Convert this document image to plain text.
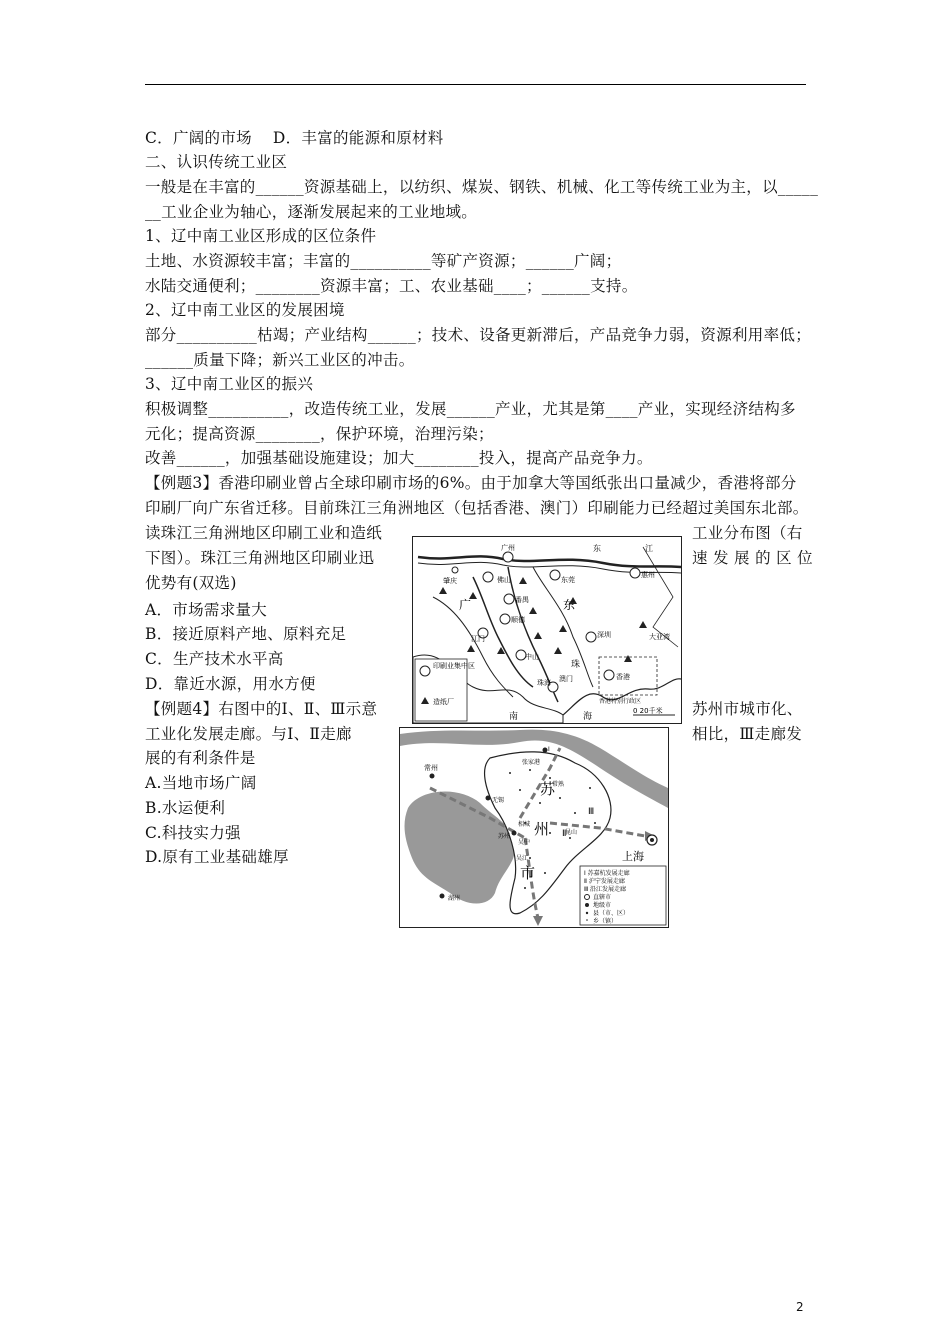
C．广阔的市场    D．丰富的能源和原材料
二、认识传统工业区
一般是在丰富的______资源基础上，以纺织、煤炭、钢铁、机械、化工等传统工业为主，以_____
__工业企业为轴心，逐渐发展起来的工业地域。
1、辽中南工业区形成的区位条件
土地、水资源较丰富；丰富的__________等矿产资源；______广阔；
水陆交通便利；________资源丰富；工、农业基础____；______支持。
2、辽中南工业区的发展困境
部分__________枯竭；产业结构______；技术、设备更新滞后，产品竞争力弱，资源利用率低；
______质量下降；新兴工业区的冲击。
3、辽中南工业区的振兴
积极调整__________，改造传统工业，发展______产业，尤其是第____产业，实现经济结构多
元化；提高资源________，保护环境，治理污染；
改善______，加强基础设施建设；加大________投入，提高产品竞争力。
【例题3】香港印刷业曾占全球印刷市场的6%。由于加拿大等国纸张出口量减少，香港将部分
印刷厂向广东省迁移。目前珠江三角洲地区（包括香港、澳门）印刷能力已经超过美国东北部。
读珠江三角洲地区印刷工业和造纸
下图）。珠江三角洲地区印刷业迅
优势有(双选)
工业分布图（右
速 发 展 的 区 位
A．市场需求量大
B．接近原料产地、原料充足
C．生产技术水平高
D．靠近水源，用水方便
印刷业集中区
造纸厂
0 20千米
广州	东	江
肇庆	佛山	东莞
惠州
番禺
广	东
顺德
江门
中山
珠
深圳	大亚湾
珠海 澳门	香港
香港特别行政区
南	海
【例题4】右图中的Ⅰ、Ⅱ、Ⅲ示意
工业化发展走廊。与Ⅰ、Ⅱ走廊
展的有利条件是
苏州市城市化、
相比，Ⅲ走廊发
A.当地市场广阔
B.水运便利
C.科技实力强
D.原有工业基础雄厚
Ⅰ 苏嘉杭发展走廊
Ⅱ 沪宁发展走廊
Ⅲ 沿江发展走廊
直辖市
地级市
县（市、区）
乡（镇）
常州
张家港
常熟
无锡
苏州
吴中
相城
昆山
吴江	上海
湖州
苏
州
市
Ⅰ
Ⅱ
Ⅲ
2
